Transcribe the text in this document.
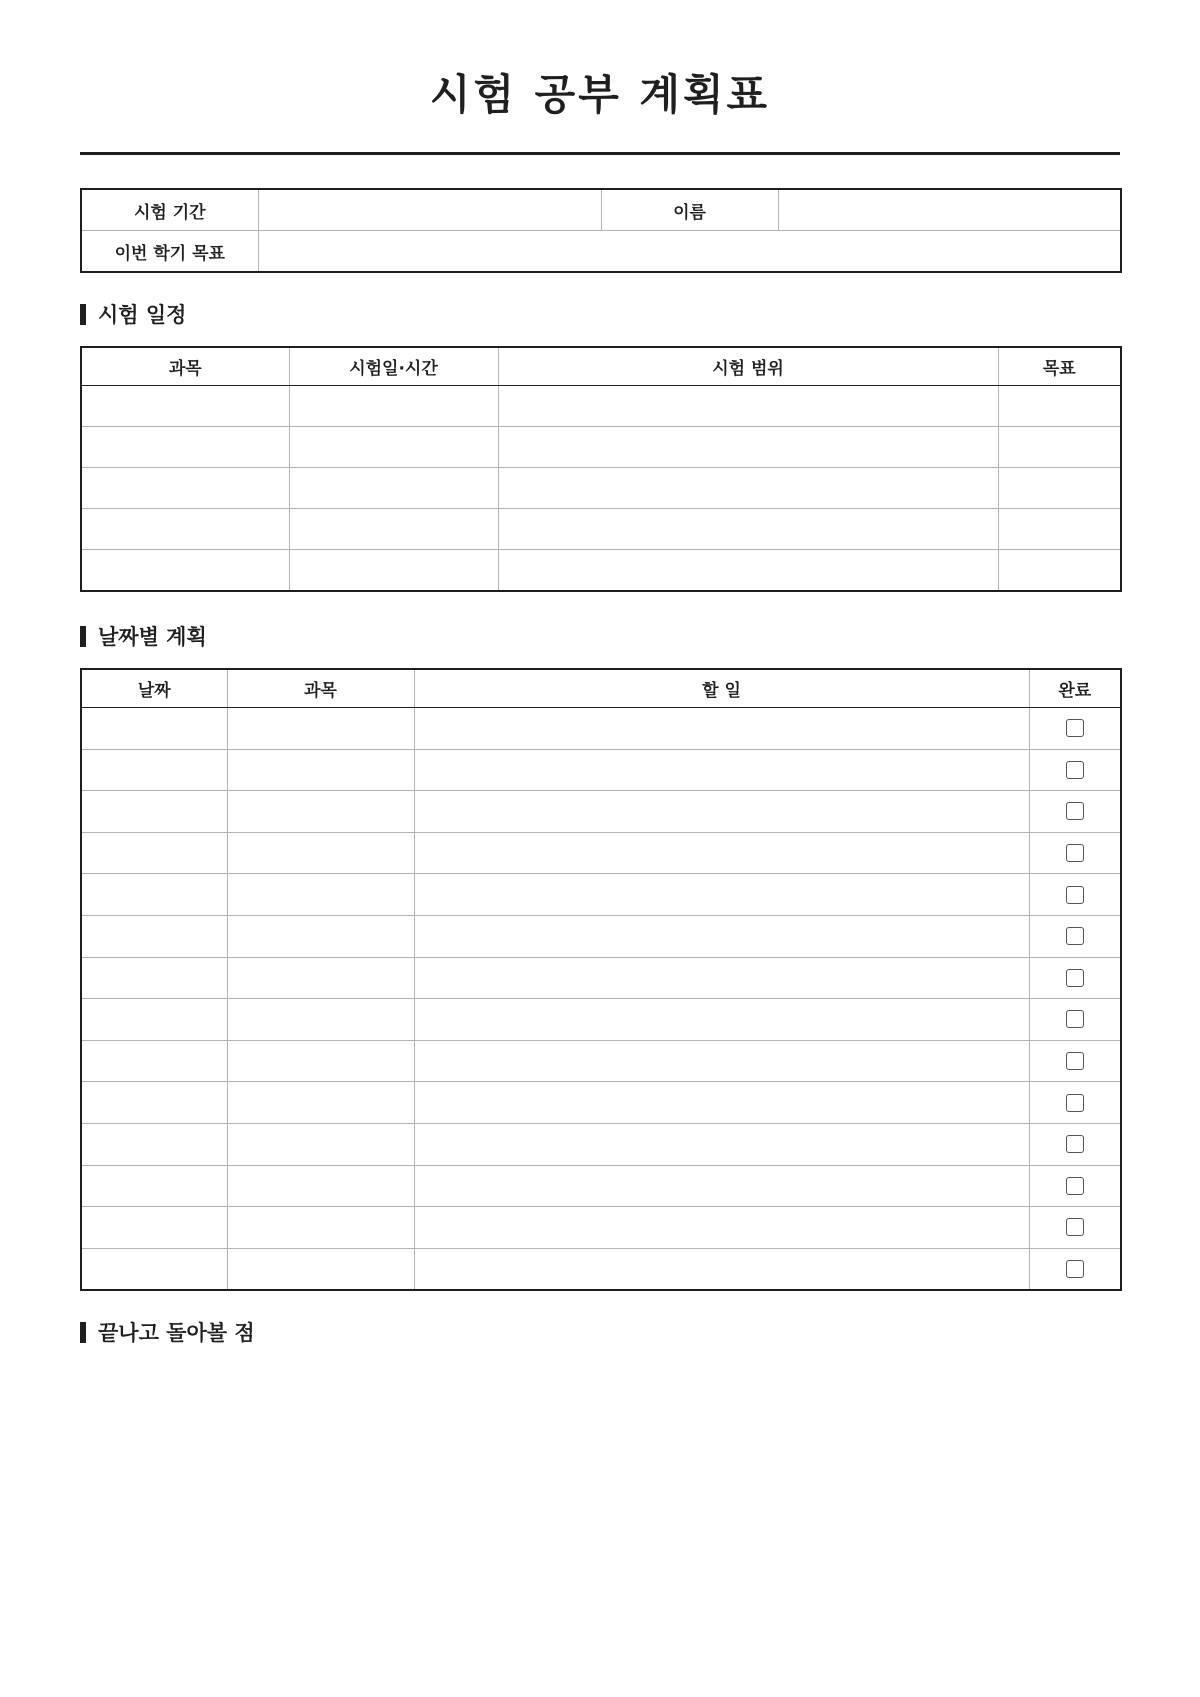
시험 공부 계획표
시험 기간		이름	
이번 학기 목표			
시험 일정
과목	시험일·시간	시험 범위	목표

날짜별 계획
날짜	과목	할 일	완료

끝나고 돌아볼 점
